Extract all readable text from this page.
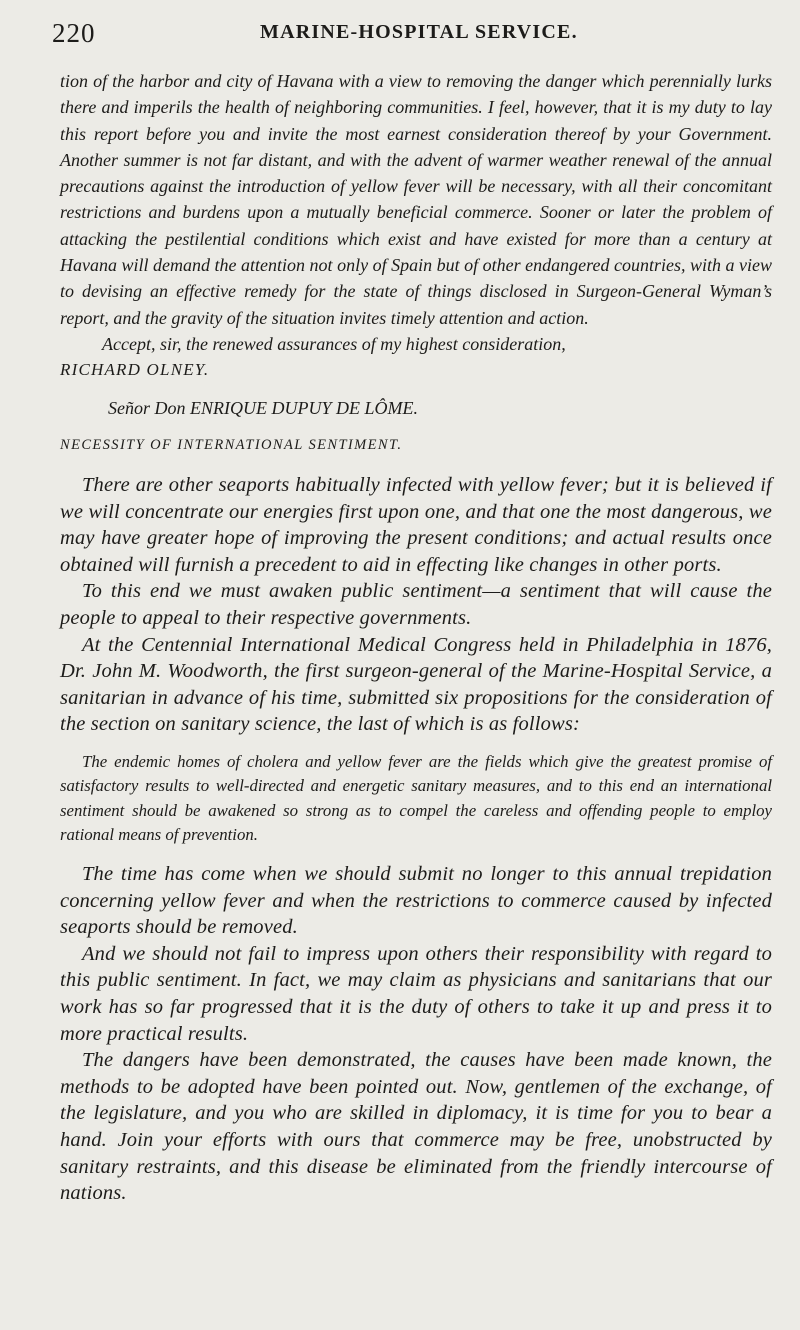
220	MARINE-HOSPITAL SERVICE.

tion of the harbor and city of Havana with a view to removing the danger which perennially lurks there and imperils the health of neighboring communities. I feel, however, that it is my duty to lay this report before you and invite the most earnest consideration thereof by your Government. Another summer is not far distant, and with the advent of warmer weather renewal of the annual precautions against the introduction of yellow fever will be necessary, with all their concomitant restrictions and burdens upon a mutually beneficial commerce. Sooner or later the problem of attacking the pestilential conditions which exist and have existed for more than a century at Havana will demand the attention not only of Spain but of other endangered countries, with a view to devising an effective remedy for the state of things disclosed in Surgeon-General Wyman’s report, and the gravity of the situation invites timely attention and action.

Accept, sir, the renewed assurances of my highest consideration,

RICHARD OLNEY.

Señor Don ENRIQUE DUPUY DE LÔME.

NECESSITY OF INTERNATIONAL SENTIMENT.

There are other seaports habitually infected with yellow fever; but it is believed if we will concentrate our energies first upon one, and that one the most dangerous, we may have greater hope of improving the present conditions; and actual results once obtained will furnish a precedent to aid in effecting like changes in other ports.

To this end we must awaken public sentiment—a sentiment that will cause the people to appeal to their respective governments.

At the Centennial International Medical Congress held in Philadelphia in 1876, Dr. John M. Woodworth, the first surgeon-general of the Marine-Hospital Service, a sanitarian in advance of his time, submitted six propositions for the consideration of the section on sanitary science, the last of which is as follows:

The endemic homes of cholera and yellow fever are the fields which give the greatest promise of satisfactory results to well-directed and energetic sanitary measures, and to this end an international sentiment should be awakened so strong as to compel the careless and offending people to employ rational means of prevention.

The time has come when we should submit no longer to this annual trepidation concerning yellow fever and when the restrictions to commerce caused by infected seaports should be removed.

And we should not fail to impress upon others their responsibility with regard to this public sentiment. In fact, we may claim as physicians and sanitarians that our work has so far progressed that it is the duty of others to take it up and press it to more practical results.

The dangers have been demonstrated, the causes have been made known, the methods to be adopted have been pointed out. Now, gentlemen of the exchange, of the legislature, and you who are skilled in diplomacy, it is time for you to bear a hand. Join your efforts with ours that commerce may be free, unobstructed by sanitary restraints, and this disease be eliminated from the friendly intercourse of nations.
